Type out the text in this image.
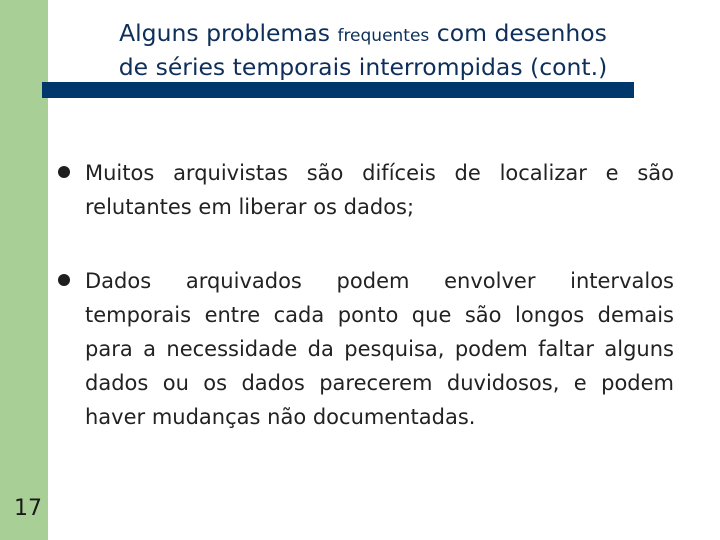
Alguns problemas frequentes com desenhos
de séries temporais interrompidas (cont.)
Muitos arquivistas são difíceis de localizar e são relutantes em liberar os dados;
Dados arquivados podem envolver intervalos temporais entre cada ponto que são longos demais para a necessidade da pesquisa, podem faltar alguns dados ou os dados parecerem duvidosos, e podem haver mudanças não documentadas.
17
